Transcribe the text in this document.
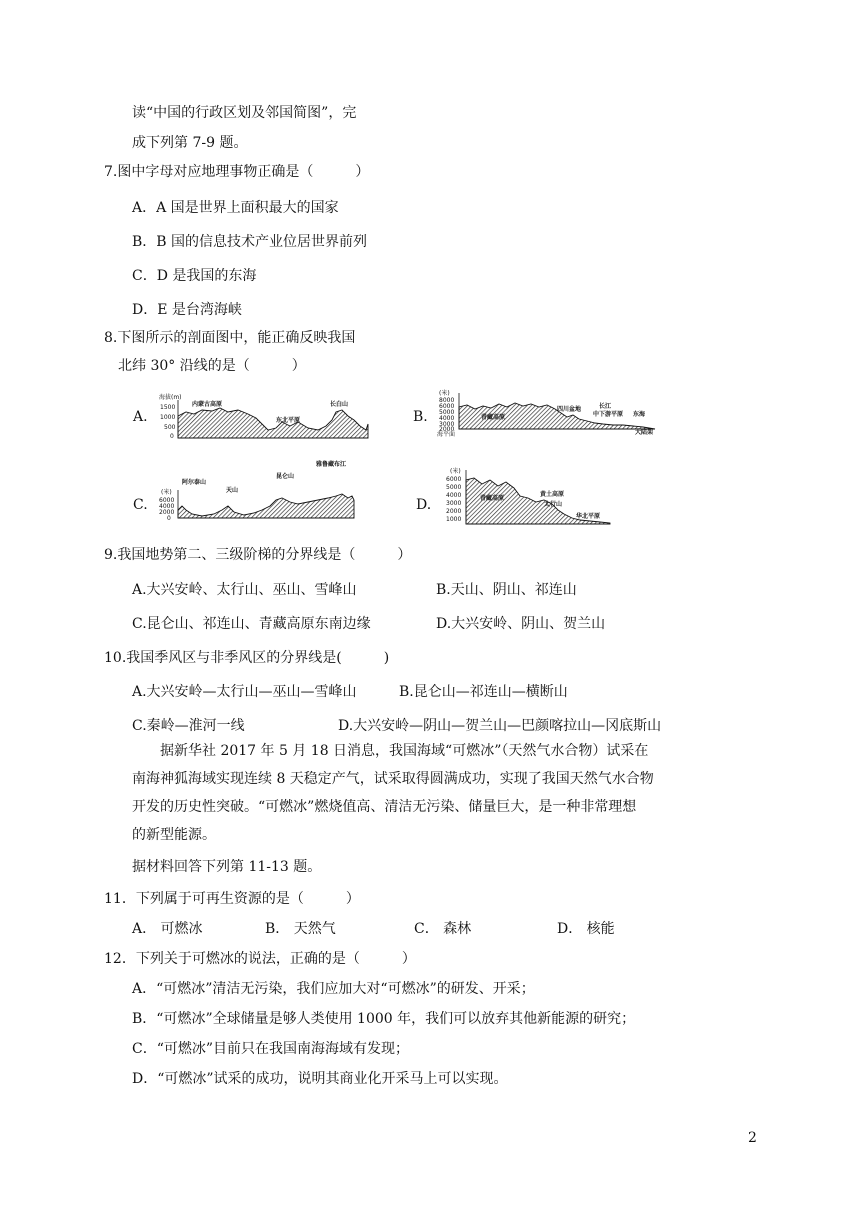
读“中国的行政区划及邻国简图”，完
成下列第 7-9 题。
7.图中字母对应地理事物正确是（　　　）
A．A 国是世界上面积最大的国家
B．B 国的信息技术产业位居世界前列
C．D 是我国的东海
D．E 是台湾海峡
8.下图所示的剖面图中，能正确反映我国
北纬 30° 沿线的是（　　　）
A.	B.
C.	D.
海拔(m)
1500
1000
500
0
内蒙古高原
东北平原
长白山
(米)
8000
6000
5000
4000
3000
2000
海平面
青藏高原
四川盆地	长江
中下游平原 东海
大陆架
(米)
6000
4000
2000
0
阿尔泰山
天山
昆仑山
雅鲁藏布江
(米)
6000
5000
4000
3000
2000
1000
青藏高原
黄土高原
太行山
华北平原
9.我国地势第二、三级阶梯的分界线是（　　　）
A.大兴安岭、太行山、巫山、雪峰山	B.天山、阴山、祁连山
C.昆仑山、祁连山、青藏高原东南边缘	D.大兴安岭、阴山、贺兰山
10.我国季风区与非季风区的分界线是(　　　)
A.大兴安岭—太行山—巫山—雪峰山	B.昆仑山—祁连山—横断山
C.秦岭—淮河一线	D.大兴安岭—阴山—贺兰山—巴颜喀拉山—冈底斯山
据新华社 2017 年 5 月 18 日消息，我国海域“可燃冰”（天然气水合物）试采在
南海神狐海域实现连续 8 天稳定产气，试采取得圆满成功，实现了我国天然气水合物
开发的历史性突破。“可燃冰”燃烧值高、清洁无污染、储量巨大，是一种非常理想
的新型能源。
据材料回答下列第 11-13 题。
11．下列属于可再生资源的是（　　　）
A． 可燃冰	B． 天然气	C． 森林	D． 核能
12．下列关于可燃冰的说法，正确的是（　　　）
A．“可燃冰”清洁无污染，我们应加大对“可燃冰”的研发、开采；
B．“可燃冰”全球储量是够人类使用 1000 年，我们可以放弃其他新能源的研究；
C．“可燃冰”目前只在我国南海海域有发现；
D．“可燃冰”试采的成功，说明其商业化开采马上可以实现。
2
